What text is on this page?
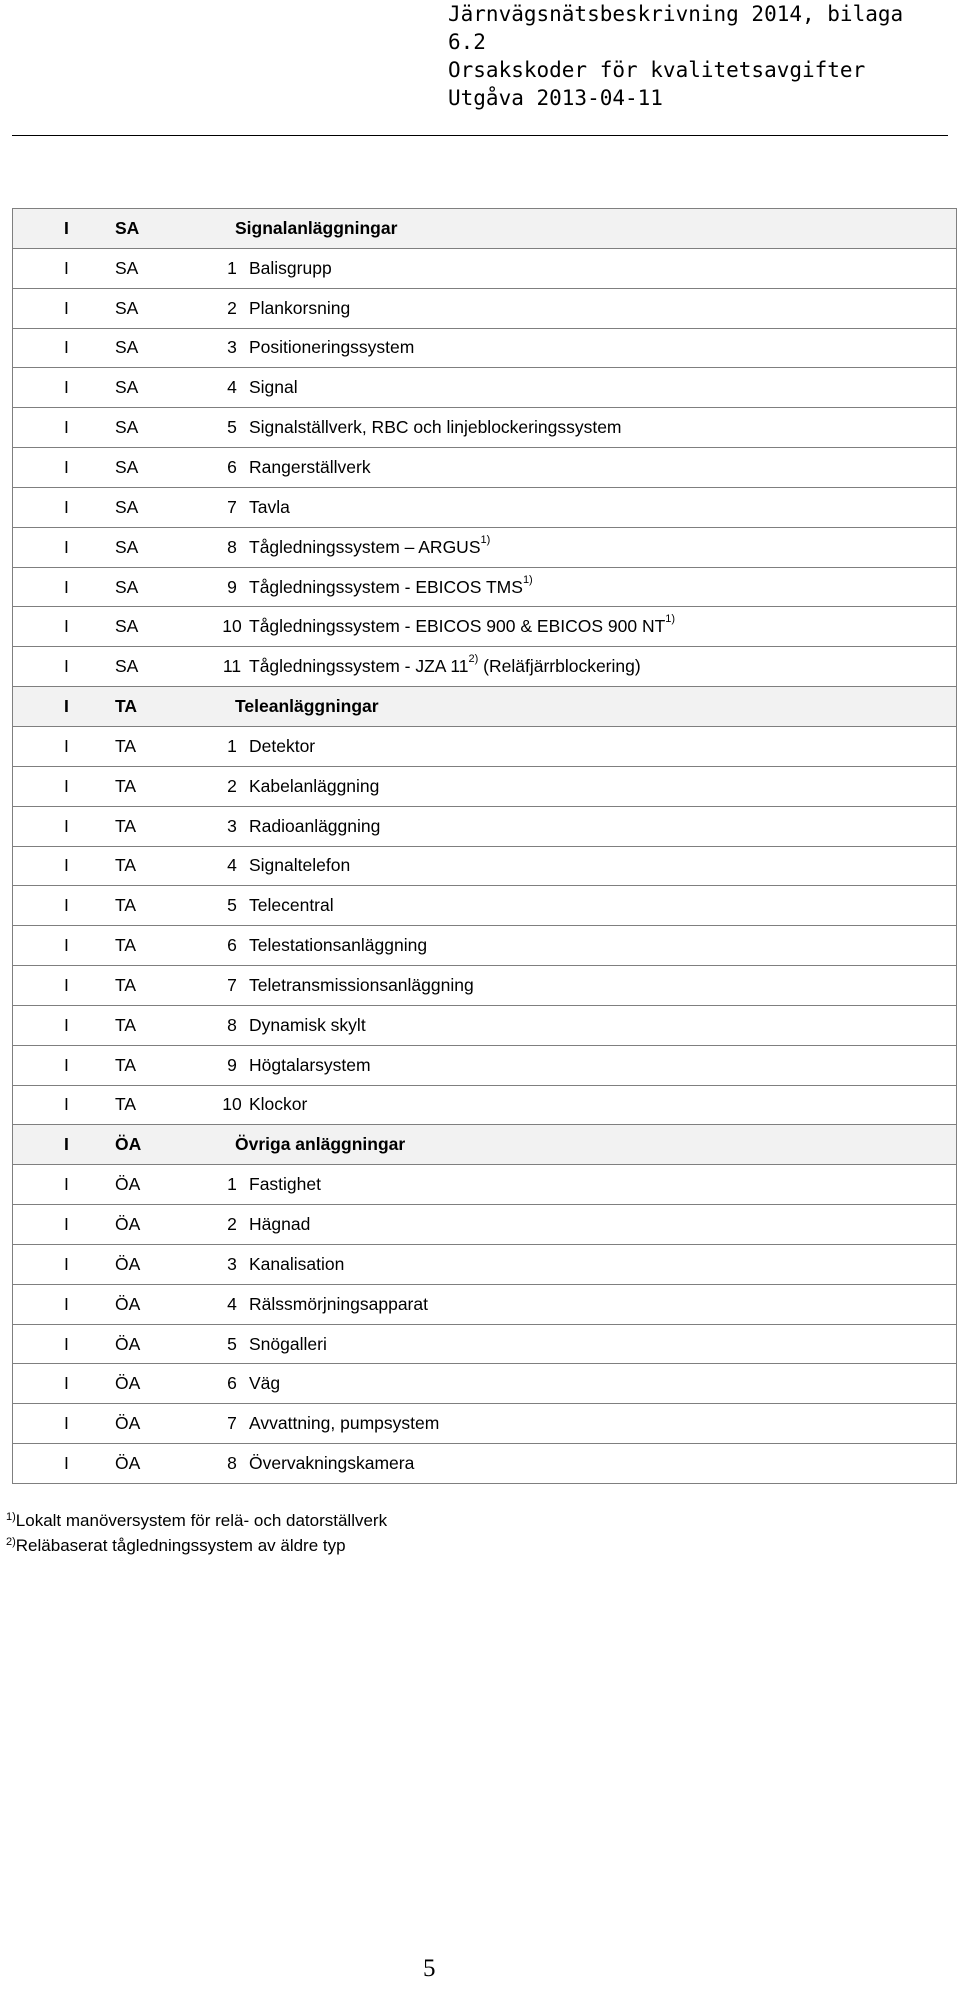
Järnvägsnätsbeskrivning 2014, bilaga 6.2
Orsakskoder för kvalitetsavgifter
Utgåva 2013-04-11
I	SA	Signalanläggningar	
I	SA	1	Balisgrupp
I	SA	2	Plankorsning
I	SA	3	Positioneringssystem
I	SA	4	Signal
I	SA	5	Signalställverk, RBC och linjeblockeringssystem
I	SA	6	Rangerställverk
I	SA	7	Tavla
I	SA	8	Tågledningssystem – ARGUS$^{1)}$
I	SA	9	Tågledningssystem - EBICOS TMS$^{1)}$
I	SA	10	Tågledningssystem - EBICOS 900 & EBICOS 900 NT$^{1)}$
I	SA	11	Tågledningssystem - JZA 11$^{2)}$ (Reläfjärrblockering)
I	TA	Teleanläggningar	
I	TA	1	Detektor
I	TA	2	Kabelanläggning
I	TA	3	Radioanläggning
I	TA	4	Signaltelefon
I	TA	5	Telecentral
I	TA	6	Telestationsanläggning
I	TA	7	Teletransmissionsanläggning
I	TA	8	Dynamisk skylt
I	TA	9	Högtalarsystem
I	TA	10	Klockor
I	ÖA	Övriga anläggningar	
I	ÖA	1	Fastighet
I	ÖA	2	Hägnad
I	ÖA	3	Kanalisation
I	ÖA	4	Rälssmörjningsapparat
I	ÖA	5	Snögalleri
I	ÖA	6	Väg
I	ÖA	7	Avvattning, pumpsystem
I	ÖA	8	Övervakningskamera
$^{1)}$Lokalt manöversystem för relä- och datorställverk
$^{2)}$Reläbaserat tågledningssystem av äldre typ
5
